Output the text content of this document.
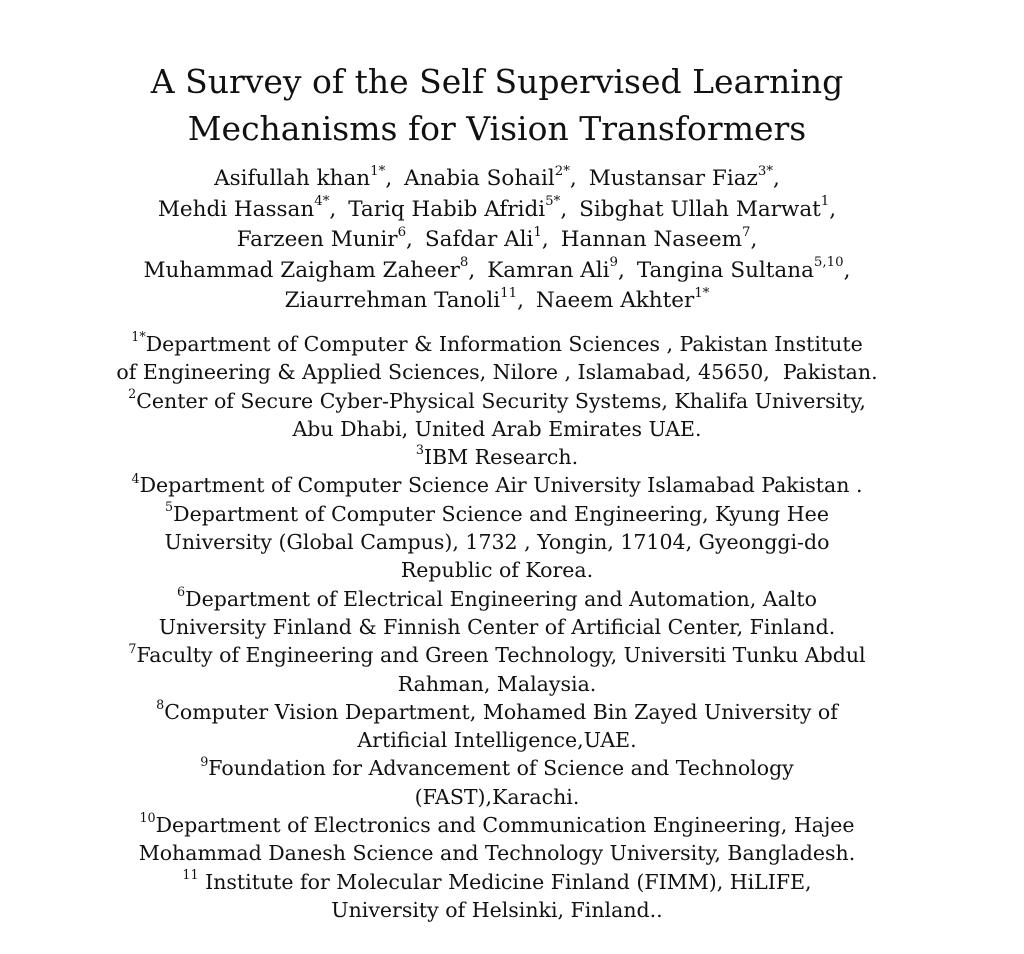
A Survey of the Self Supervised Learning
Mechanisms for Vision Transformers
Asifullah khan$^{1*}$, Anabia Sohail$^{2*}$, Mustansar Fiaz$^{3*}$,
Mehdi Hassan$^{4*}$, Tariq Habib Afridi$^{5*}$, Sibghat Ullah Marwat$^1$,
Farzeen Munir$^6$, Safdar Ali$^1$, Hannan Naseem$^7$,
Muhammad Zaigham Zaheer$^8$, Kamran Ali$^9$, Tangina Sultana$^{5,10}$,
Ziaurrehman Tanoli$^{11}$, Naeem Akhter$^{1*}$
$^{1*}$Department of Computer & Information Sciences , Pakistan Institute
of Engineering & Applied Sciences, Nilore , Islamabad, 45650,  Pakistan.
$^2$Center of Secure Cyber-Physical Security Systems, Khalifa University,
Abu Dhabi, United Arab Emirates UAE.
$^3$IBM Research.
$^4$Department of Computer Science Air University Islamabad Pakistan .
$^5$Department of Computer Science and Engineering, Kyung Hee
University (Global Campus), 1732 , Yongin, 17104, Gyeonggi-do
Republic of Korea.
$^6$Department of Electrical Engineering and Automation, Aalto
University Finland & Finnish Center of Artificial Center, Finland.
$^7$Faculty of Engineering and Green Technology, Universiti Tunku Abdul
Rahman, Malaysia.
$^8$Computer Vision Department, Mohamed Bin Zayed University of
Artificial Intelligence,UAE.
$^9$Foundation for Advancement of Science and Technology
(FAST),Karachi.
$^{10}$Department of Electronics and Communication Engineering, Hajee
Mohammad Danesh Science and Technology University, Bangladesh.
$^{11}$ Institute for Molecular Medicine Finland (FIMM), HiLIFE,
University of Helsinki, Finland..
